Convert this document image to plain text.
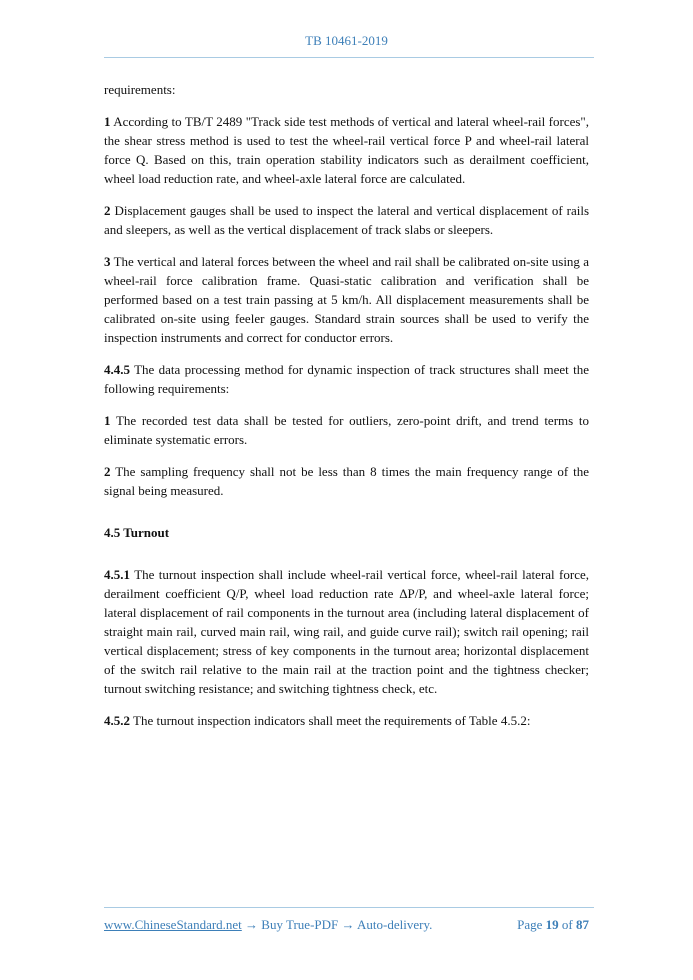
TB 10461-2019

requirements:

1 According to TB/T 2489 "Track side test methods of vertical and lateral wheel-rail forces", the shear stress method is used to test the wheel-rail vertical force P and wheel-rail lateral force Q. Based on this, train operation stability indicators such as derailment coefficient, wheel load reduction rate, and wheel-axle lateral force are calculated.

2 Displacement gauges shall be used to inspect the lateral and vertical displacement of rails and sleepers, as well as the vertical displacement of track slabs or sleepers.

3 The vertical and lateral forces between the wheel and rail shall be calibrated on-site using a wheel-rail force calibration frame. Quasi-static calibration and verification shall be performed based on a test train passing at 5 km/h. All displacement measurements shall be calibrated on-site using feeler gauges. Standard strain sources shall be used to verify the inspection instruments and correct for conductor errors.

4.4.5 The data processing method for dynamic inspection of track structures shall meet the following requirements:

1 The recorded test data shall be tested for outliers, zero-point drift, and trend terms to eliminate systematic errors.

2 The sampling frequency shall not be less than 8 times the main frequency range of the signal being measured.

4.5 Turnout

4.5.1 The turnout inspection shall include wheel-rail vertical force, wheel-rail lateral force, derailment coefficient Q/P, wheel load reduction rate ΔP/P, and wheel-axle lateral force; lateral displacement of rail components in the turnout area (including lateral displacement of straight main rail, curved main rail, wing rail, and guide curve rail); switch rail opening; rail vertical displacement; stress of key components in the turnout area; horizontal displacement of the switch rail relative to the main rail at the traction point and the tightness checker; turnout switching resistance; and switching tightness check, etc.

4.5.2 The turnout inspection indicators shall meet the requirements of Table 4.5.2:

www.ChineseStandard.net → Buy True-PDF → Auto-delivery.	Page 19 of 87
